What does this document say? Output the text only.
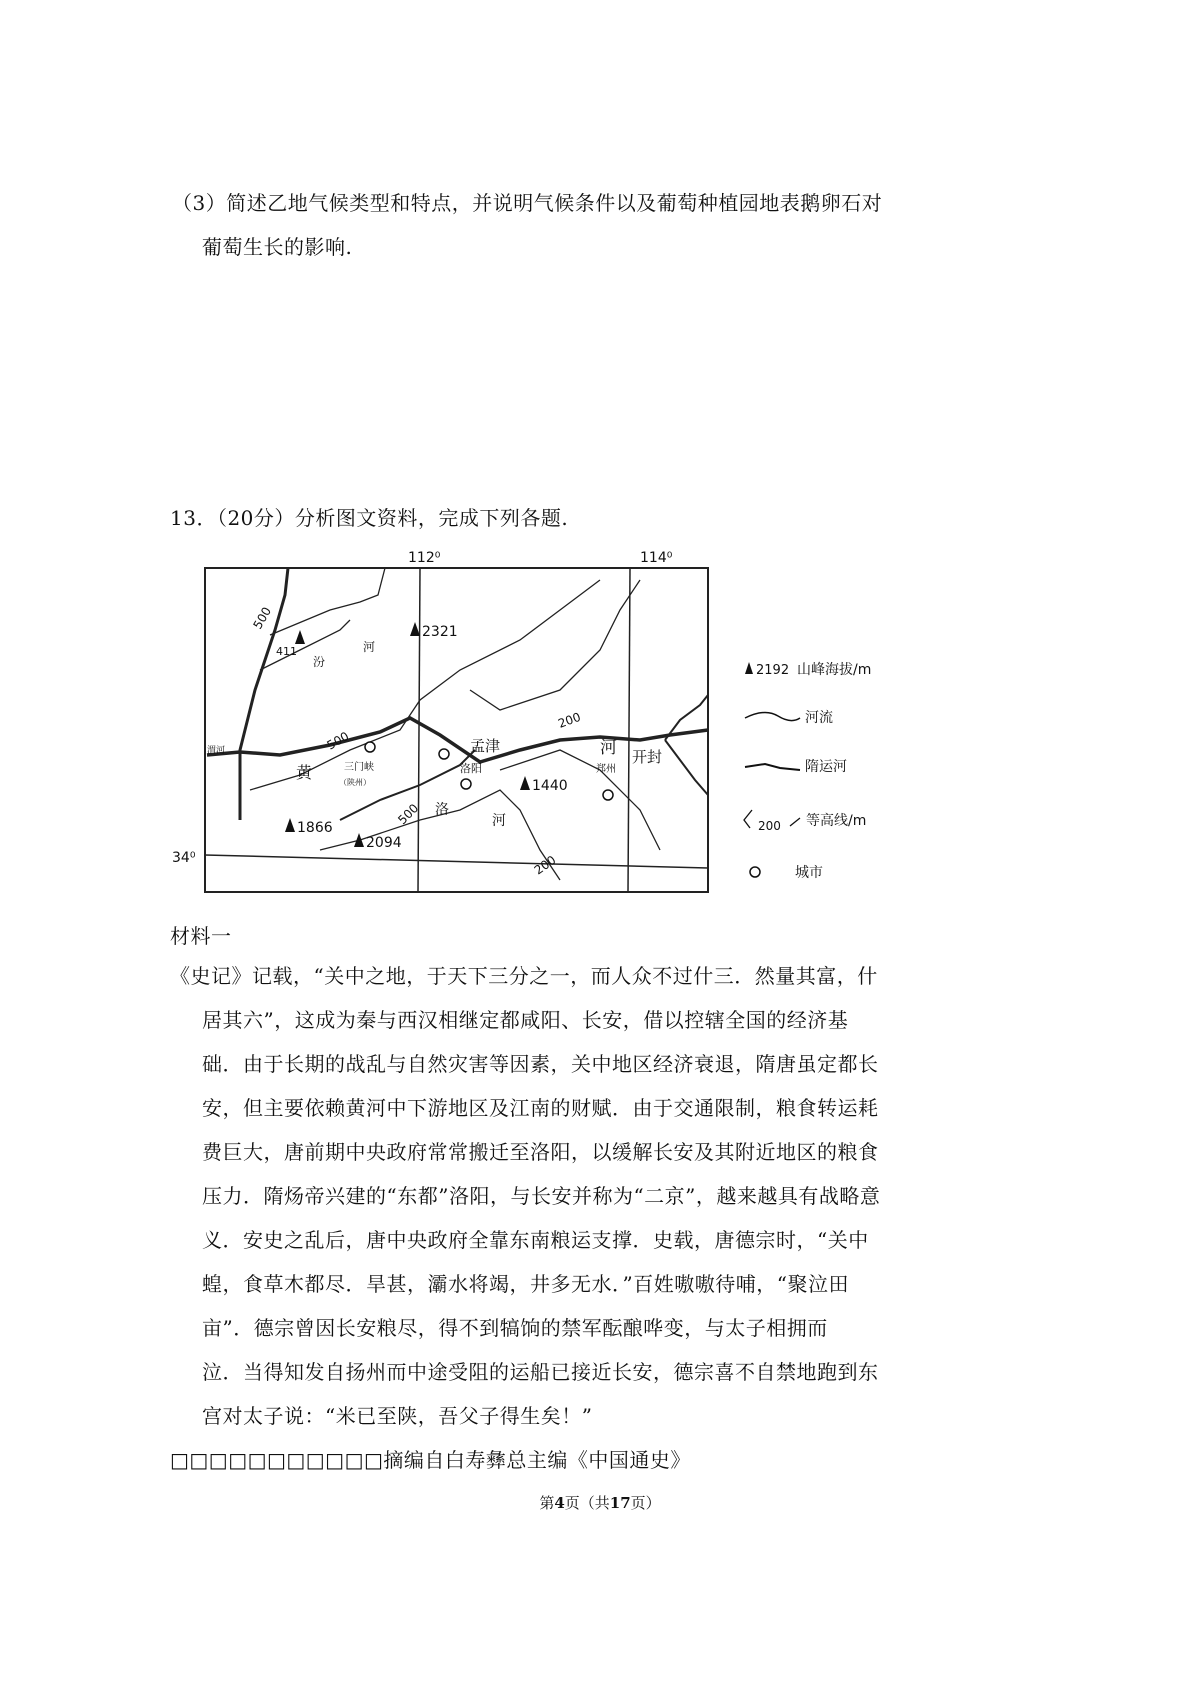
（3）简述乙地气候类型和特点，并说明气候条件以及葡萄种植园地表鹅卵石对
葡萄生长的影响.
13．（20分）分析图文资料，完成下列各题.
112⁰	114⁰
34⁰
2321
411
1866
2094
1440
500
500
500
200
200
汾
河
渭河
黄	三门峡
（陕州）
孟津	河
洛阳
河
洛
郑州
开封
2192 山峰海拔/m
河流
隋运河
200 等高线/m
城市
材料一
《史记》记载，“关中之地，于天下三分之一，而人众不过什三．然量其富，什
居其六”，这成为秦与西汉相继定都咸阳、长安，借以控辖全国的经济基
础．由于长期的战乱与自然灾害等因素，关中地区经济衰退，隋唐虽定都长
安，但主要依赖黄河中下游地区及江南的财赋．由于交通限制，粮食转运耗
费巨大，唐前期中央政府常常搬迁至洛阳，以缓解长安及其附近地区的粮食
压力．隋炀帝兴建的“东都”洛阳，与长安并称为“二京”，越来越具有战略意
义．安史之乱后，唐中央政府全靠东南粮运支撑．史载，唐德宗时，“关中
蝗，食草木都尽．旱甚，灞水将竭，井多无水．”百姓嗷嗷待哺，“聚泣田
亩”．德宗曾因长安粮尽，得不到犒饷的禁军酝酿哗变，与太子相拥而
泣．当得知发自扬州而中途受阻的运船已接近长安，德宗喜不自禁地跑到东
宫对太子说：“米已至陕，吾父子得生矣！”
□□□□□□□□□□□摘编自白寿彝总主编《中国通史》
第4页（共17页）
